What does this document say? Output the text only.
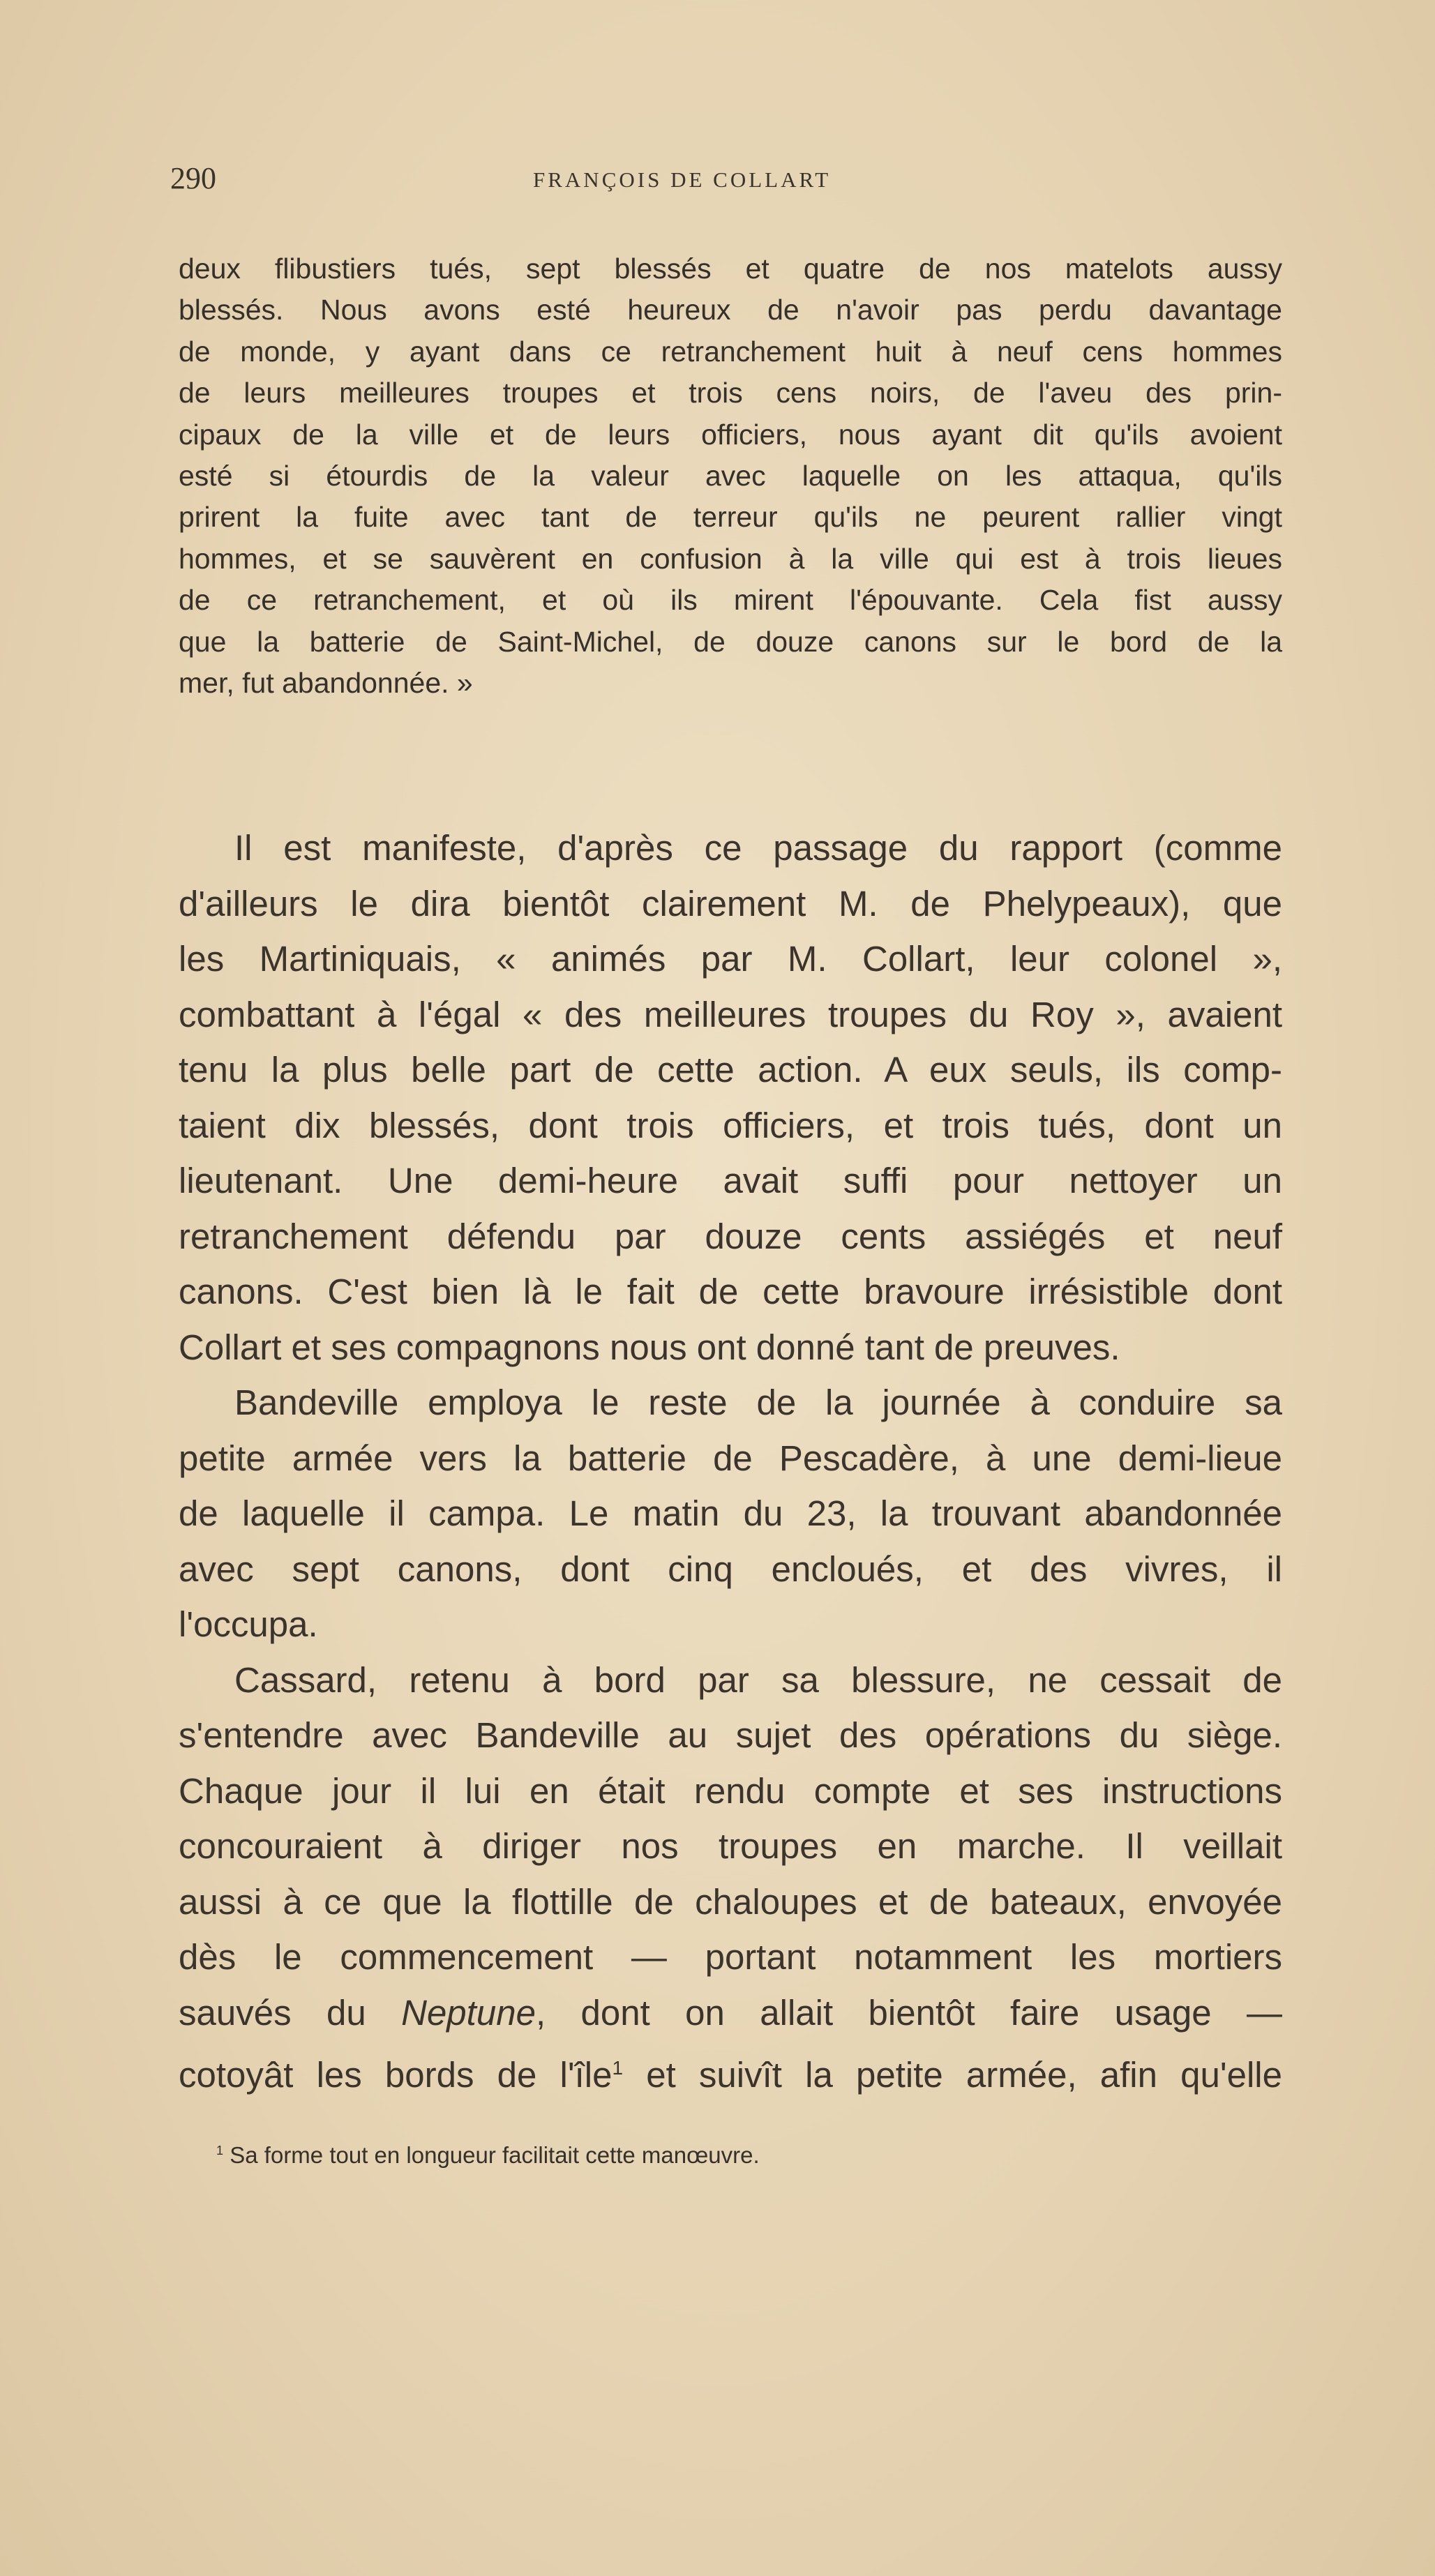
290	FRANÇOIS DE COLLART
deux flibustiers tués, sept blessés et quatre de nos matelots aussy
blessés. Nous avons esté heureux de n'avoir pas perdu davantage
de monde, y ayant dans ce retranchement huit à neuf cens hommes
de leurs meilleures troupes et trois cens noirs, de l'aveu des prin-
cipaux de la ville et de leurs officiers, nous ayant dit qu'ils avoient
esté si étourdis de la valeur avec laquelle on les attaqua, qu'ils
prirent la fuite avec tant de terreur qu'ils ne peurent rallier vingt
hommes, et se sauvèrent en confusion à la ville qui est à trois lieues
de ce retranchement, et où ils mirent l'épouvante. Cela fist aussy
que la batterie de Saint-Michel, de douze canons sur le bord de la
mer, fut abandonnée. »
Il est manifeste, d'après ce passage du rapport (comme
d'ailleurs le dira bientôt clairement M. de Phelypeaux), que
les Martiniquais, « animés par M. Collart, leur colonel »,
combattant à l'égal « des meilleures troupes du Roy », avaient
tenu la plus belle part de cette action. A eux seuls, ils comp-
taient dix blessés, dont trois officiers, et trois tués, dont un
lieutenant. Une demi-heure avait suffi pour nettoyer un
retranchement défendu par douze cents assiégés et neuf
canons. C'est bien là le fait de cette bravoure irrésistible dont
Collart et ses compagnons nous ont donné tant de preuves.
Bandeville employa le reste de la journée à conduire sa
petite armée vers la batterie de Pescadère, à une demi-lieue
de laquelle il campa. Le matin du 23, la trouvant abandonnée
avec sept canons, dont cinq encloués, et des vivres, il
l'occupa.
Cassard, retenu à bord par sa blessure, ne cessait de
s'entendre avec Bandeville au sujet des opérations du siège.
Chaque jour il lui en était rendu compte et ses instructions
concouraient à diriger nos troupes en marche. Il veillait
aussi à ce que la flottille de chaloupes et de bateaux, envoyée
dès le commencement — portant notamment les mortiers
sauvés du Neptune, dont on allait bientôt faire usage —
cotoyât les bords de l'île$^1$ et suivît la petite armée, afin qu'elle
$^1$ Sa forme tout en longueur facilitait cette manœuvre.
